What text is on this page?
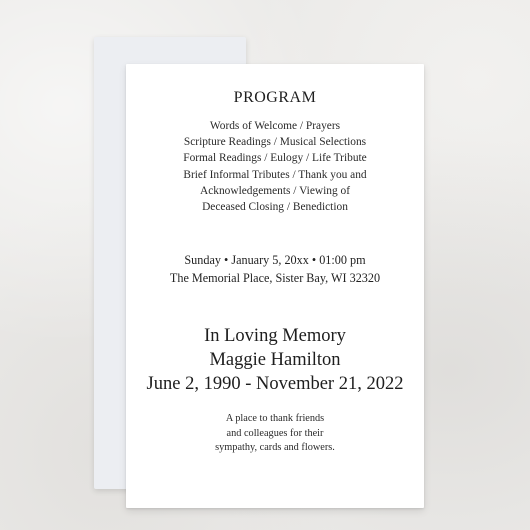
PROGRAM
Words of Welcome / Prayers
Scripture Readings / Musical Selections
Formal Readings / Eulogy / Life Tribute
Brief Informal Tributes / Thank you and
Acknowledgements / Viewing of
Deceased Closing / Benediction
Sunday • January 5, 20xx • 01:00 pm
The Memorial Place, Sister Bay, WI 32320
In Loving Memory
Maggie Hamilton
June 2, 1990 - November 21, 2022
A place to thank friends
and colleagues for their
sympathy, cards and flowers.
